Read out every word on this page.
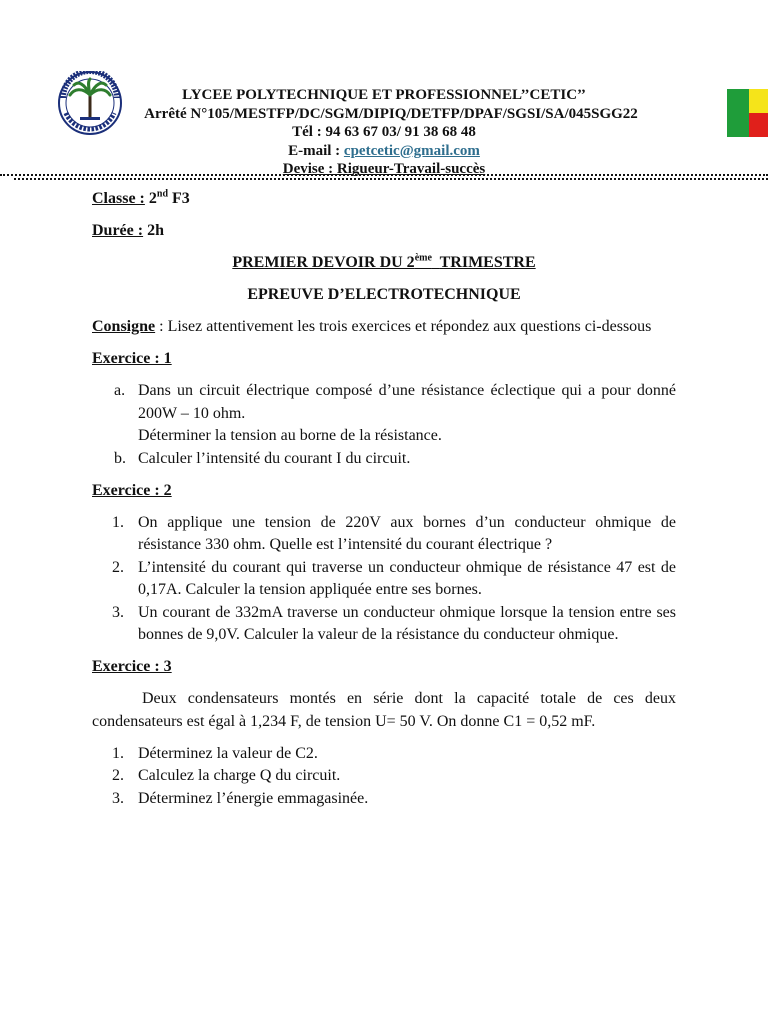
LYCEE POLYTECHNIQUE ET PROFESSIONNEL’’CETIC’’
Arrêté N°105/MESTFP/DC/SGM/DIPIQ/DETFP/DPAF/SGSI/SA/045SGG22
Tél : 94 63 67 03/ 91 38 68 48
E-mail : cpetcetic@gmail.com
Devise : Rigueur-Travail-succès

Classe : 2nd F3

Durée : 2h

PREMIER DEVOIR DU 2ème TRIMESTRE

EPREUVE D’ELECTROTECHNIQUE

Consigne : Lisez attentivement les trois exercices et répondez aux questions ci-dessous

Exercice : 1

a. Dans un circuit électrique composé d’une résistance éclectique qui a pour donné 200W – 10 ohm.
Déterminer la tension au borne de la résistance.
b. Calculer l’intensité du courant I du circuit.

Exercice : 2

1. On applique une tension de 220V aux bornes d’un conducteur ohmique de résistance 330 ohm. Quelle est l’intensité du courant électrique ?
2. L’intensité du courant qui traverse un conducteur ohmique de résistance 47 est de 0,17A. Calculer la tension appliquée entre ses bornes.
3. Un courant de 332mA traverse un conducteur ohmique lorsque la tension entre ses bonnes de 9,0V. Calculer la valeur de la résistance du conducteur ohmique.

Exercice : 3

Deux condensateurs montés en série dont la capacité totale de ces deux condensateurs est égal à 1,234 F, de tension U= 50 V. On donne C1 = 0,52 mF.

1. Déterminez la valeur de C2.
2. Calculez la charge Q du circuit.
3. Déterminez l’énergie emmagasinée.
